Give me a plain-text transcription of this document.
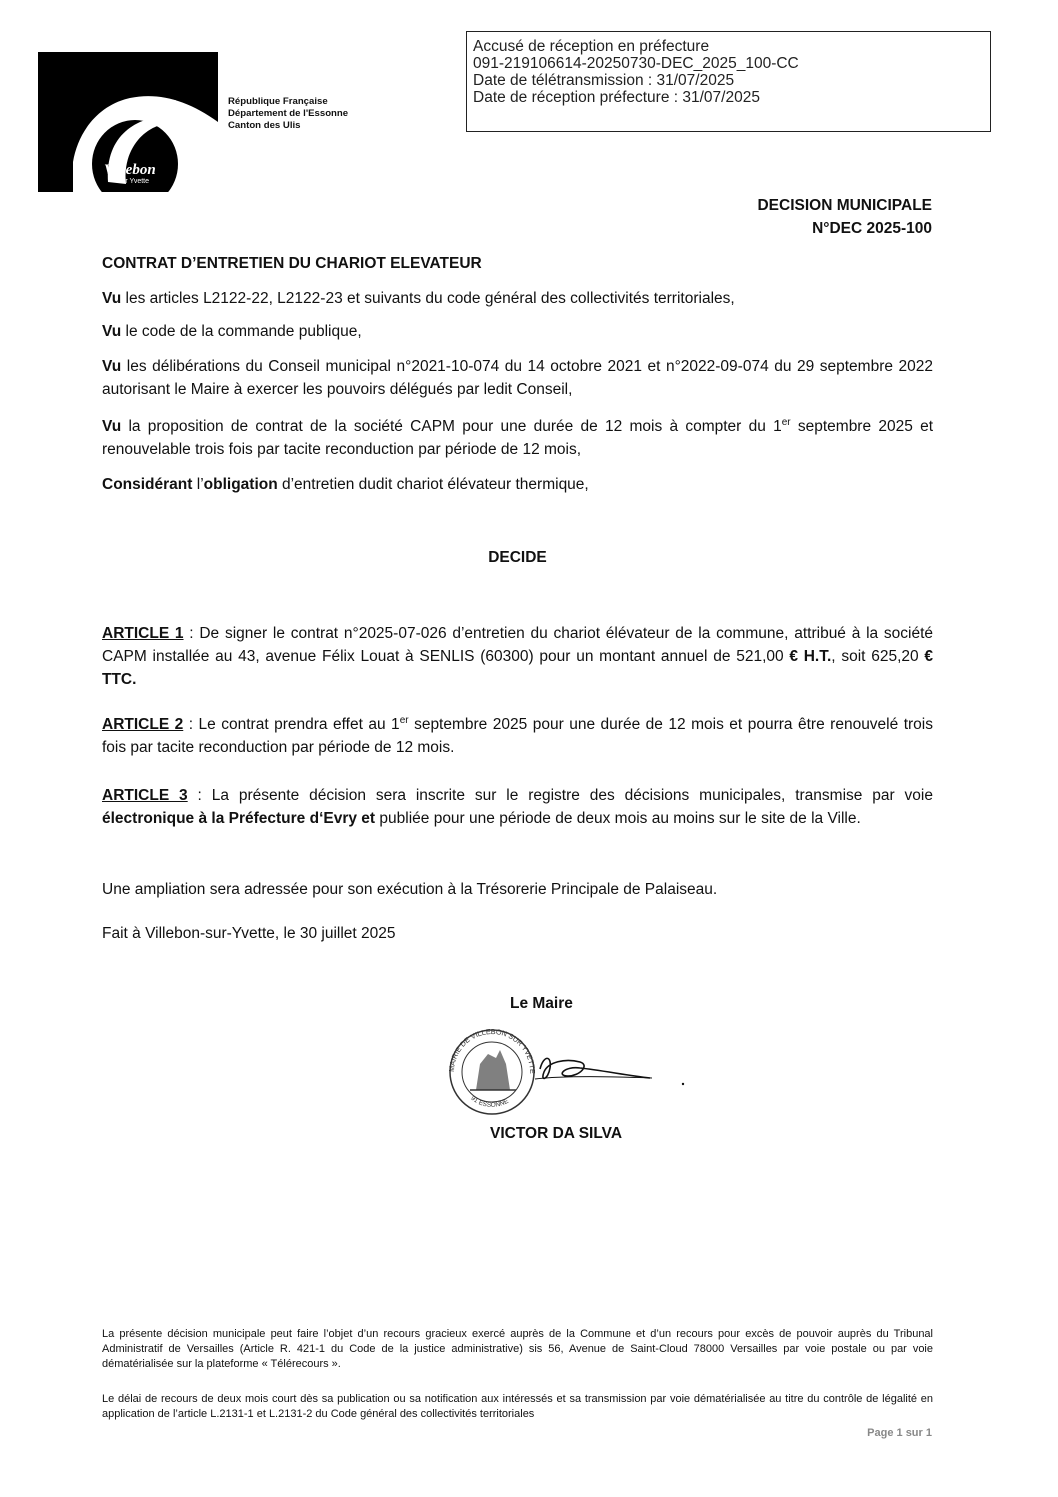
Accusé de réception en préfecture
091-219106614-20250730-DEC_2025_100-CC
Date de télétransmission : 31/07/2025
Date de réception préfecture : 31/07/2025
Villebon
sur Yvette
République Française
Département de l'Essonne
Canton des Ulis
DECISION MUNICIPALE
N°DEC 2025-100
CONTRAT D’ENTRETIEN DU CHARIOT ELEVATEUR
Vu les articles L2122-22, L2122-23 et suivants du code général des collectivités territoriales,
Vu le code de la commande publique,
Vu les délibérations du Conseil municipal n°2021-10-074 du 14 octobre 2021 et n°2022-09-074 du 29 septembre 2022 autorisant le Maire à exercer les pouvoirs délégués par ledit Conseil,
Vu la proposition de contrat de la société CAPM pour une durée de 12 mois à compter du 1er septembre 2025 et renouvelable trois fois par tacite reconduction par période de 12 mois,
Considérant l’obligation d’entretien dudit chariot élévateur thermique,
DECIDE
ARTICLE 1 : De signer le contrat n°2025-07-026 d’entretien du chariot élévateur de la commune, attribué à la société CAPM installée au 43, avenue Félix Louat à SENLIS (60300) pour un montant annuel de 521,00 € H.T., soit 625,20 € TTC.
ARTICLE 2 : Le contrat prendra effet au 1er septembre 2025 pour une durée de 12 mois et pourra être renouvelé trois fois par tacite reconduction par période de 12 mois.
ARTICLE 3 : La présente décision sera inscrite sur le registre des décisions municipales, transmise par voie électronique à la Préfecture d‘Evry et publiée pour une période de deux mois au moins sur le site de la Ville.
Une ampliation sera adressée pour son exécution à la Trésorerie Principale de Palaiseau.
Fait à Villebon-sur-Yvette, le 30 juillet 2025
Le Maire
MAIRIE DE VILLEBON SUR YVETTE
91 ESSONNE
VICTOR DA SILVA
La présente décision municipale peut faire l’objet d’un recours gracieux exercé auprès de la Commune et d’un recours pour excès de pouvoir auprès du Tribunal Administratif de Versailles (Article R. 421-1 du Code de la justice administrative) sis 56, Avenue de Saint-Cloud 78000 Versailles par voie postale ou par voie dématérialisée sur la plateforme « Télérecours ».
Le délai de recours de deux mois court dès sa publication ou sa notification aux intéressés et sa transmission par voie dématérialisée au titre du contrôle de légalité en application de l’article L.2131-1 et L.2131-2 du Code général des collectivités territoriales
Page 1 sur 1
